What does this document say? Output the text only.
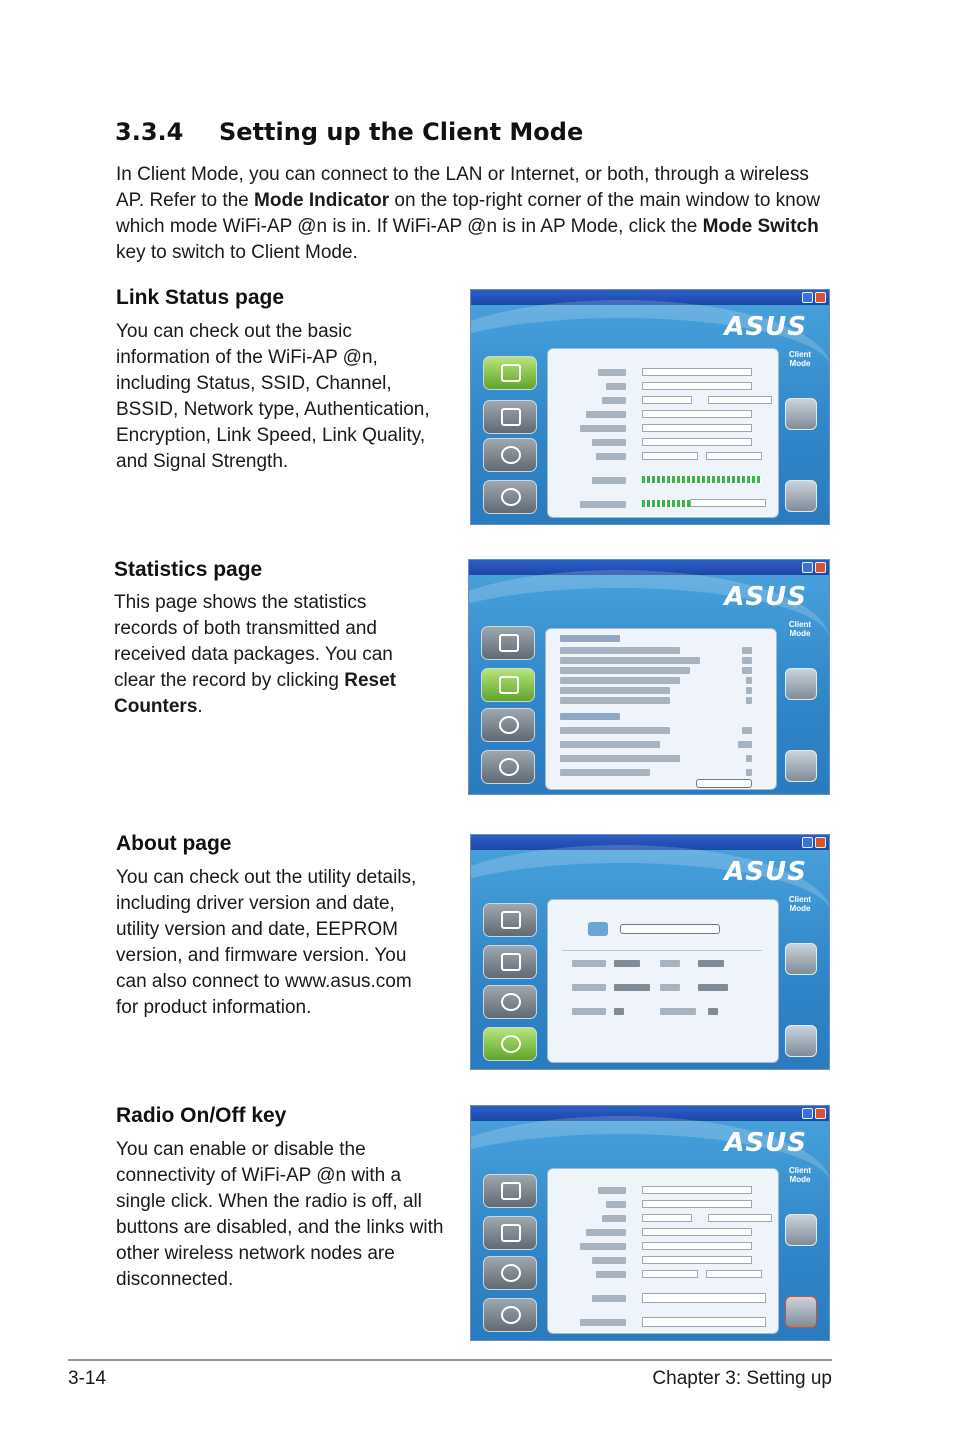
3.3.4 Setting up the Client Mode

In Client Mode, you can connect to the LAN or Internet, or both, through a wireless AP. Refer to the Mode Indicator on the top-right corner of the main window to know which mode WiFi-AP @n is in. If WiFi-AP @n is in AP Mode, click the Mode Switch key to switch to Client Mode.

Link Status page

You can check out the basic information of the WiFi-AP @n, including Status, SSID, Channel, BSSID, Network type, Authentication, Encryption, Link Speed, Link Quality, and Signal Strength.

ASUS
Client Mode
Statistics page

This page shows the statistics records of both transmitted and received data packages. You can clear the record by clicking Reset Counters.

ASUS
Client Mode
About page

You can check out the utility details, including driver version and date, utility version and date, EEPROM version, and firmware version. You can also connect to www.asus.com for product information.

ASUS
Client Mode
Radio On/Off key

You can enable or disable the connectivity of WiFi-AP @n with a single click. When the radio is off, all buttons are disabled, and the links with other wireless network nodes are disconnected.

ASUS
Client Mode

3-14	Chapter 3: Setting up
